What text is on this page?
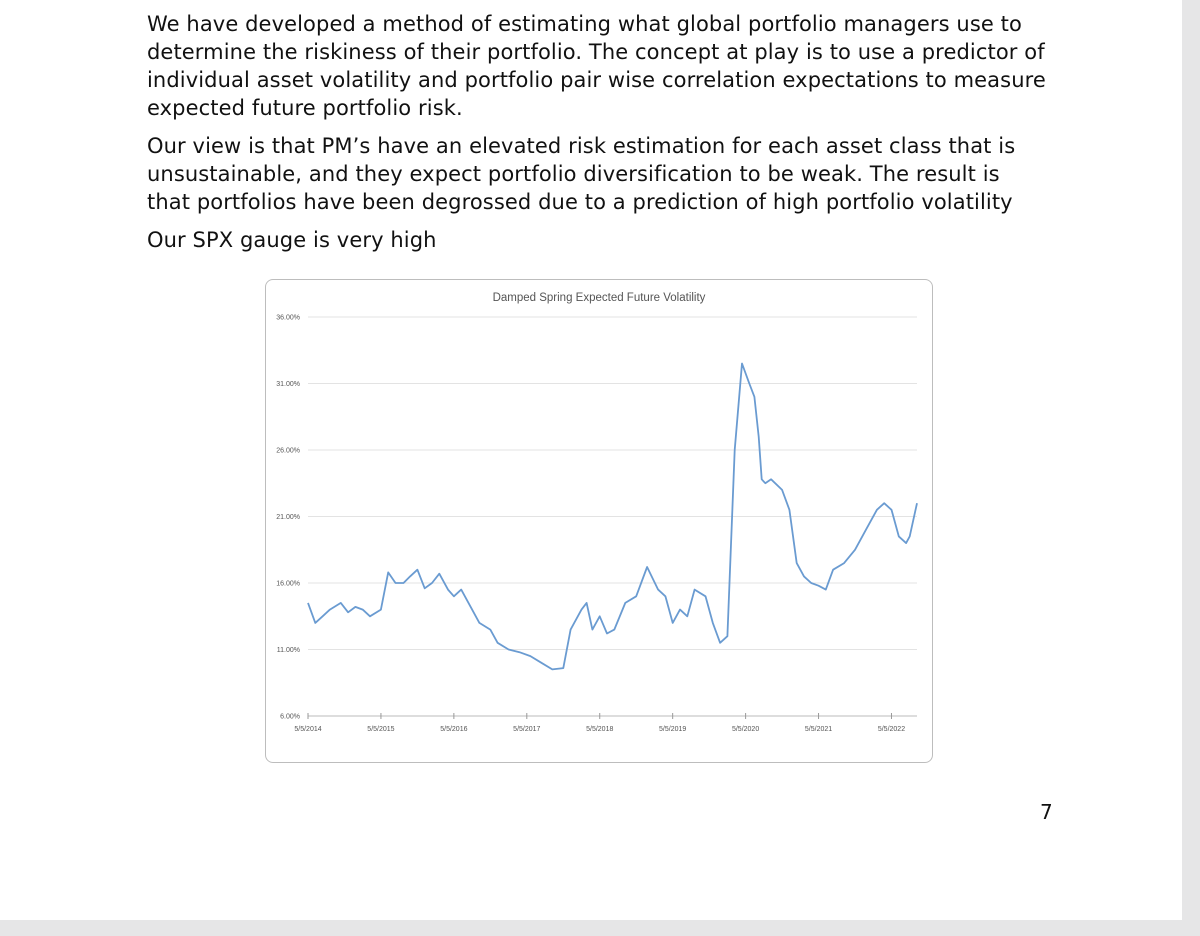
We have developed a method of estimating what global portfolio managers use to determine the riskiness of their portfolio. The concept at play is to use a predictor of individual asset volatility and portfolio pair wise correlation expectations to measure expected future portfolio risk.

Our view is that PM’s have an elevated risk estimation for each asset class that is unsustainable, and they expect portfolio diversification to be weak. The result is that portfolios have been degrossed due to a prediction of high portfolio volatility

Our SPX gauge is very high

Damped Spring Expected Future Volatility
6.00%
11.00%
16.00%
21.00%
26.00%
31.00%
36.00%
5/5/2014	5/5/2015	5/5/2016	5/5/2017	5/5/2018	5/5/2019	5/5/2020	5/5/2021	5/5/2022
7
